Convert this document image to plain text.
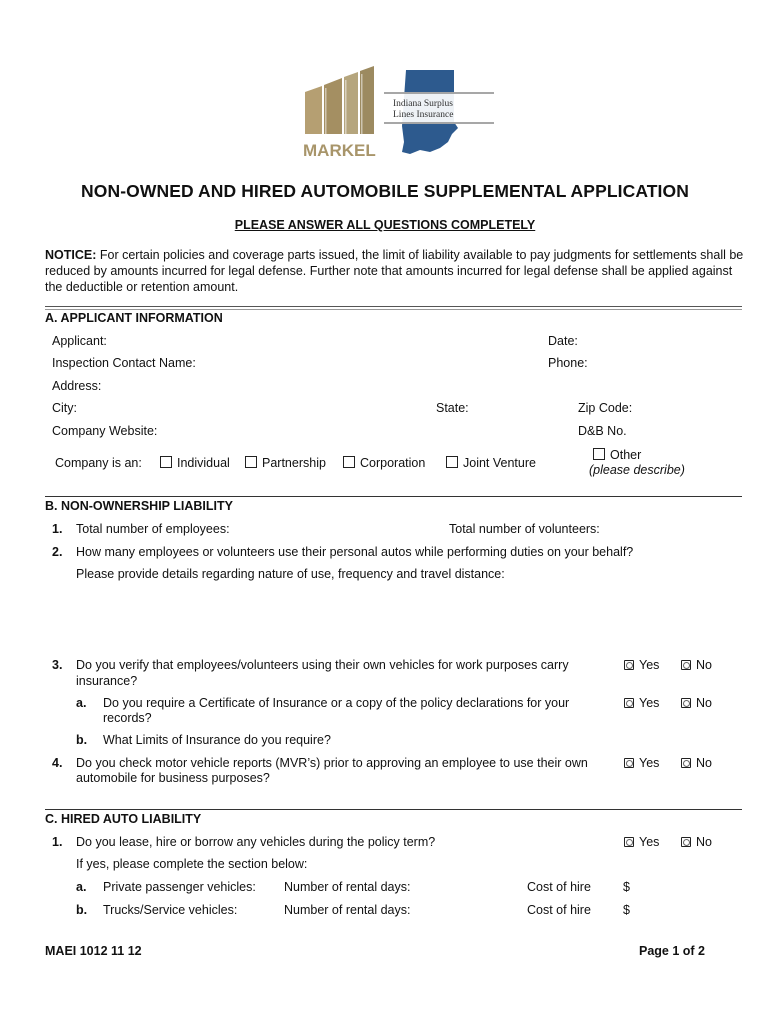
MARKEL
Indiana Surplus
Lines Insurance
NON-OWNED AND HIRED AUTOMOBILE SUPPLEMENTAL APPLICATION
PLEASE ANSWER ALL QUESTIONS COMPLETELY
NOTICE: For certain policies and coverage parts issued, the limit of liability available to pay judgments for settlements shall be reduced by amounts incurred for legal defense. Further note that amounts incurred for legal defense shall be applied against the deductible or retention amount.
A. APPLICANT INFORMATION
Applicant:	Date:
Inspection Contact Name:	Phone:
Address:
City:	State:	Zip Code:
Company Website:	D&B No.
Company is an:	Individual	Partnership	Corporation	Joint Venture
Other
(please describe)
B. NON-OWNERSHIP LIABILITY
1. Total number of employees:	Total number of volunteers:
2. How many employees or volunteers use their personal autos while performing duties on your behalf?
Please provide details regarding nature of use, frequency and travel distance:
3. Do you verify that employees/volunteers using their own vehicles for work purposes carry
insurance?
Yes	No
a. Do you require a Certificate of Insurance or a copy of the policy declarations for your
records?
Yes	No
b. What Limits of Insurance do you require?
4. Do you check motor vehicle reports (MVR’s) prior to approving an employee to use their own
automobile for business purposes?
Yes	No
C. HIRED AUTO LIABILITY
1. Do you lease, hire or borrow any vehicles during the policy term?	Yes	No
If yes, please complete the section below:
a. Private passenger vehicles: Number of rental days:	Cost of hire	$
b. Trucks/Service vehicles:	Number of rental days:	Cost of hire	$
MAEI 1012 11 12	Page 1 of 2
